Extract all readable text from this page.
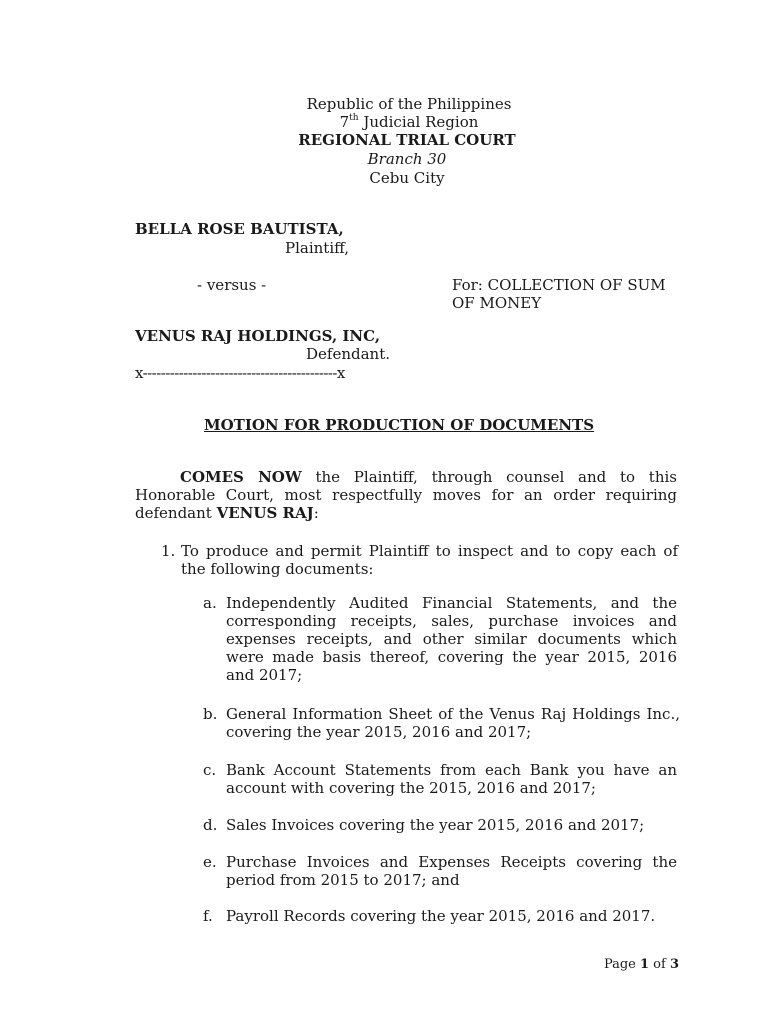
Republic of the Philippines
7th Judicial Region
REGIONAL TRIAL COURT
Branch 30
Cebu City
BELLA ROSE BAUTISTA,
Plaintiff,
- versus -	For: COLLECTION OF SUM
OF MONEY
VENUS RAJ HOLDINGS, INC,
Defendant.
x-------------------------------------------x
MOTION FOR PRODUCTION OF DOCUMENTS
COMES NOW the Plaintiff, through counsel and to this Honorable Court, most respectfully moves for an order requiring defendant VENUS RAJ:
1. To produce and permit Plaintiff to inspect and to copy each of the following documents:
a. Independently Audited Financial Statements, and the corresponding receipts, sales, purchase invoices and expenses receipts, and other similar documents which were made basis thereof, covering the year 2015, 2016 and 2017;
b. General Information Sheet of the Venus Raj Holdings Inc., covering the year 2015, 2016 and 2017;
c. Bank Account Statements from each Bank you have an account with covering the 2015, 2016 and 2017;
d. Sales Invoices covering the year 2015, 2016 and 2017;
e. Purchase Invoices and Expenses Receipts covering the period from 2015 to 2017; and
f. Payroll Records covering the year 2015, 2016 and 2017.
Page 1 of 3
